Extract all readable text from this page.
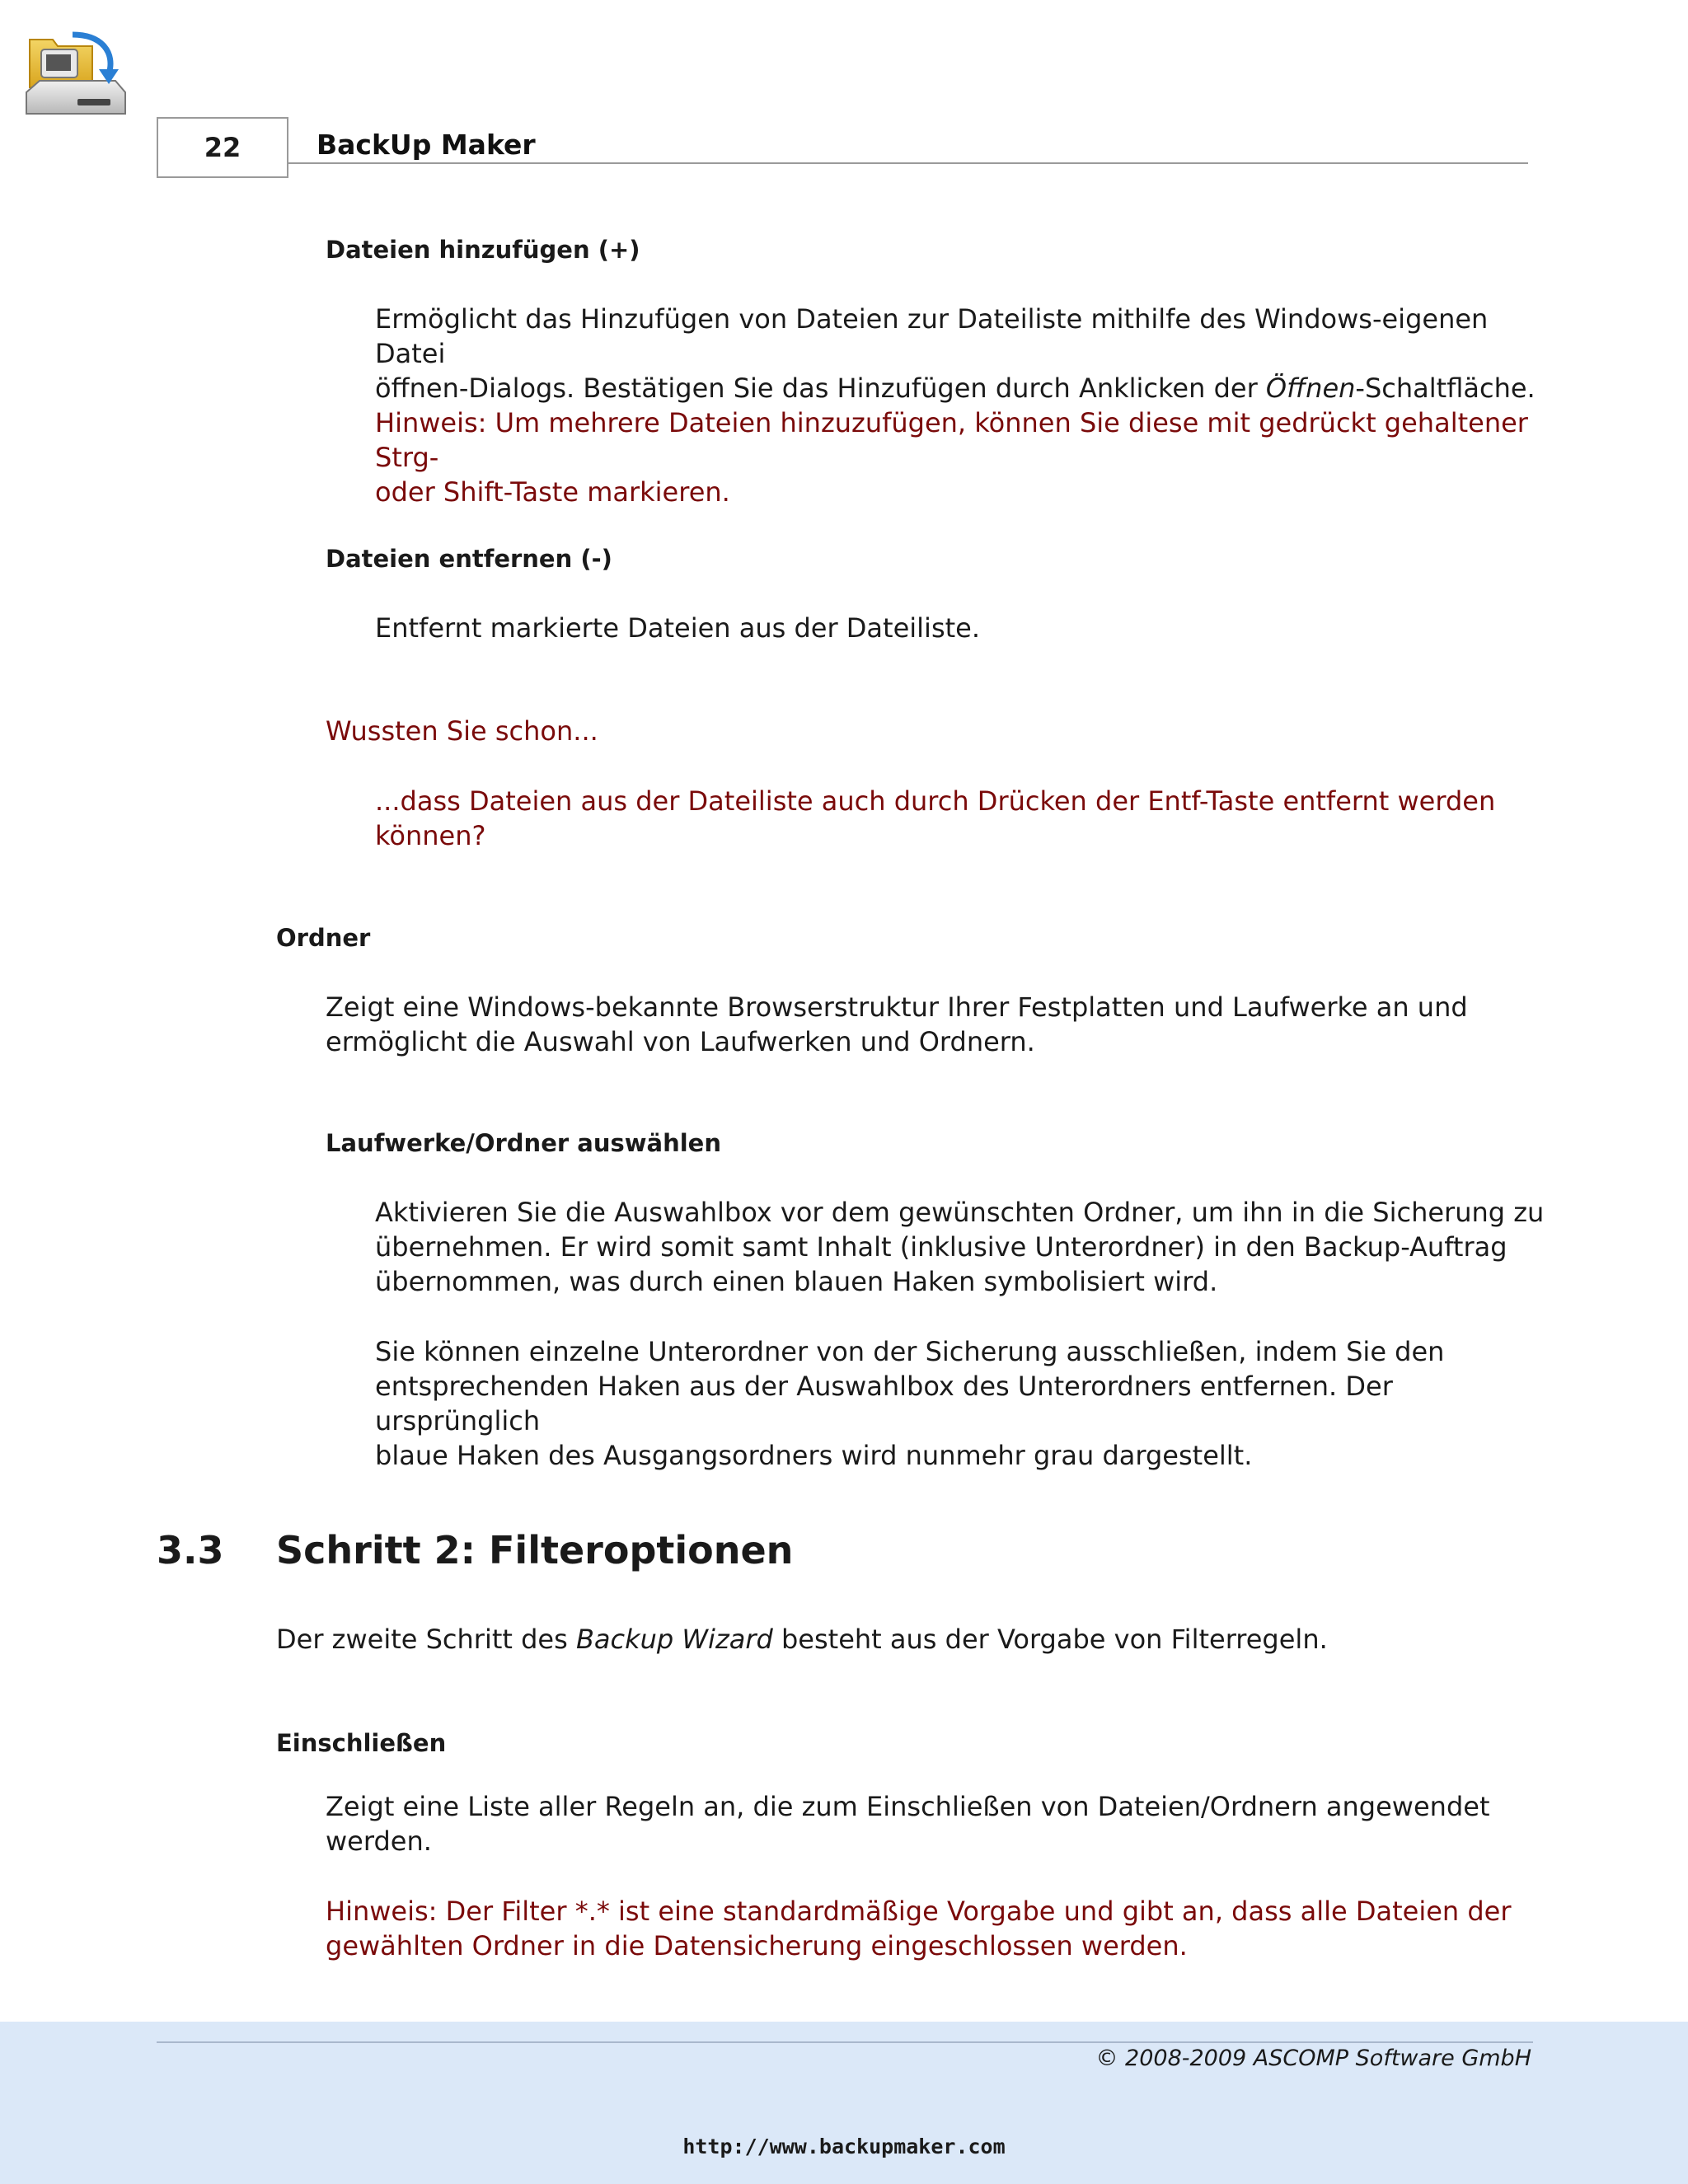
22	BackUp Maker
Dateien hinzufügen (+)
Ermöglicht das Hinzufügen von Dateien zur Dateiliste mithilfe des Windows-eigenen Datei
öffnen-Dialogs. Bestätigen Sie das Hinzufügen durch Anklicken der Öffnen-Schaltfläche.
Hinweis: Um mehrere Dateien hinzuzufügen, können Sie diese mit gedrückt gehaltener Strg-
oder Shift-Taste markieren.
Dateien entfernen (-)
Entfernt markierte Dateien aus der Dateiliste.
Wussten Sie schon...
...dass Dateien aus der Dateiliste auch durch Drücken der Entf-Taste entfernt werden
können?
Ordner
Zeigt eine Windows-bekannte Browserstruktur Ihrer Festplatten und Laufwerke an und
ermöglicht die Auswahl von Laufwerken und Ordnern.
Laufwerke/Ordner auswählen
Aktivieren Sie die Auswahlbox vor dem gewünschten Ordner, um ihn in die Sicherung zu
übernehmen. Er wird somit samt Inhalt (inklusive Unterordner) in den Backup-Auftrag
übernommen, was durch einen blauen Haken symbolisiert wird.
Sie können einzelne Unterordner von der Sicherung ausschließen, indem Sie den
entsprechenden Haken aus der Auswahlbox des Unterordners entfernen. Der ursprünglich
blaue Haken des Ausgangsordners wird nunmehr grau dargestellt.
3.3 Schritt 2: Filteroptionen
Der zweite Schritt des Backup Wizard besteht aus der Vorgabe von Filterregeln.
Einschließen
Zeigt eine Liste aller Regeln an, die zum Einschließen von Dateien/Ordnern angewendet werden.
Hinweis: Der Filter *.* ist eine standardmäßige Vorgabe und gibt an, dass alle Dateien der
gewählten Ordner in die Datensicherung eingeschlossen werden.
© 2008-2009 ASCOMP Software GmbH
http://www.backupmaker.com
